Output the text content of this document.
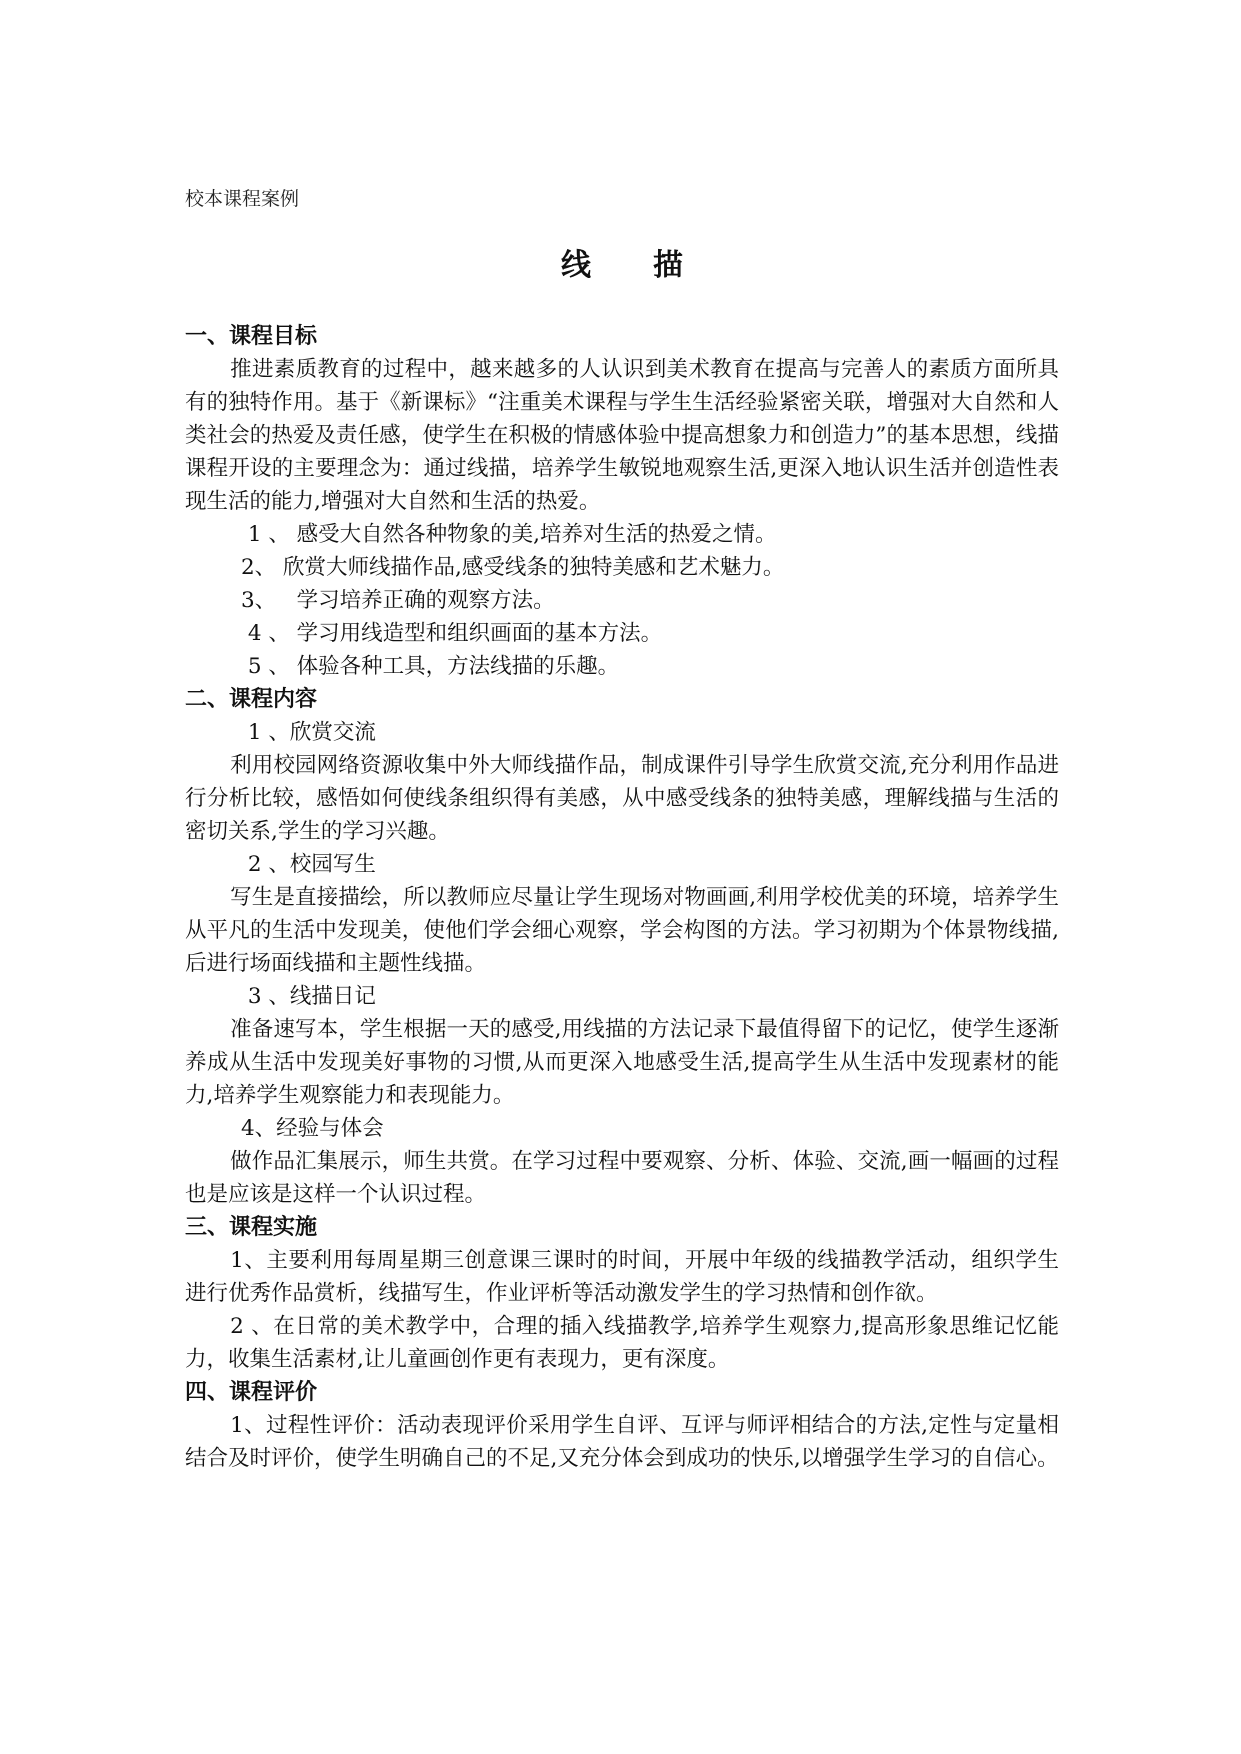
校本课程案例
线描
一、课程目标

推进素质教育的过程中，越来越多的人认识到美术教育在提高与完善人的素质方面所具有的独特作用。基于《新课标》“注重美术课程与学生生活经验紧密关联，增强对大自然和人类社会的热爱及责任感，使学生在积极的情感体验中提高想象力和创造力”的基本思想，线描课程开设的主要理念为：通过线描，培养学生敏锐地观察生活,更深入地认识生活并创造性表现生活的能力,增强对大自然和生活的热爱。

1 、 感受大自然各种物象的美,培养对生活的热爱之情。

2、 欣赏大师线描作品,感受线条的独特美感和艺术魅力。

3、   学习培养正确的观察方法。

4 、 学习用线造型和组织画面的基本方法。

5 、 体验各种工具，方法线描的乐趣。

二、课程内容

1 、欣赏交流

利用校园网络资源收集中外大师线描作品，制成课件引导学生欣赏交流,充分利用作品进行分析比较，感悟如何使线条组织得有美感，从中感受线条的独特美感，理解线描与生活的密切关系,学生的学习兴趣。

2 、校园写生

写生是直接描绘，所以教师应尽量让学生现场对物画画,利用学校优美的环境，培养学生从平凡的生活中发现美，使他们学会细心观察，学会构图的方法。学习初期为个体景物线描,后进行场面线描和主题性线描。

3 、线描日记

准备速写本，学生根据一天的感受,用线描的方法记录下最值得留下的记忆，使学生逐渐养成从生活中发现美好事物的习惯,从而更深入地感受生活,提高学生从生活中发现素材的能力,培养学生观察能力和表现能力。

4、经验与体会

做作品汇集展示，师生共赏。在学习过程中要观察、分析、体验、交流,画一幅画的过程也是应该是这样一个认识过程。

三、课程实施

1、主要利用每周星期三创意课三课时的时间，开展中年级的线描教学活动，组织学生进行优秀作品赏析，线描写生，作业评析等活动激发学生的学习热情和创作欲。

2 、在日常的美术教学中，合理的插入线描教学,培养学生观察力,提高形象思维记忆能力，收集生活素材,让儿童画创作更有表现力，更有深度。

四、课程评价

1、过程性评价：活动表现评价采用学生自评、互评与师评相结合的方法,定性与定量相结合及时评价，使学生明确自己的不足,又充分体会到成功的快乐,以增强学生学习的自信心。
